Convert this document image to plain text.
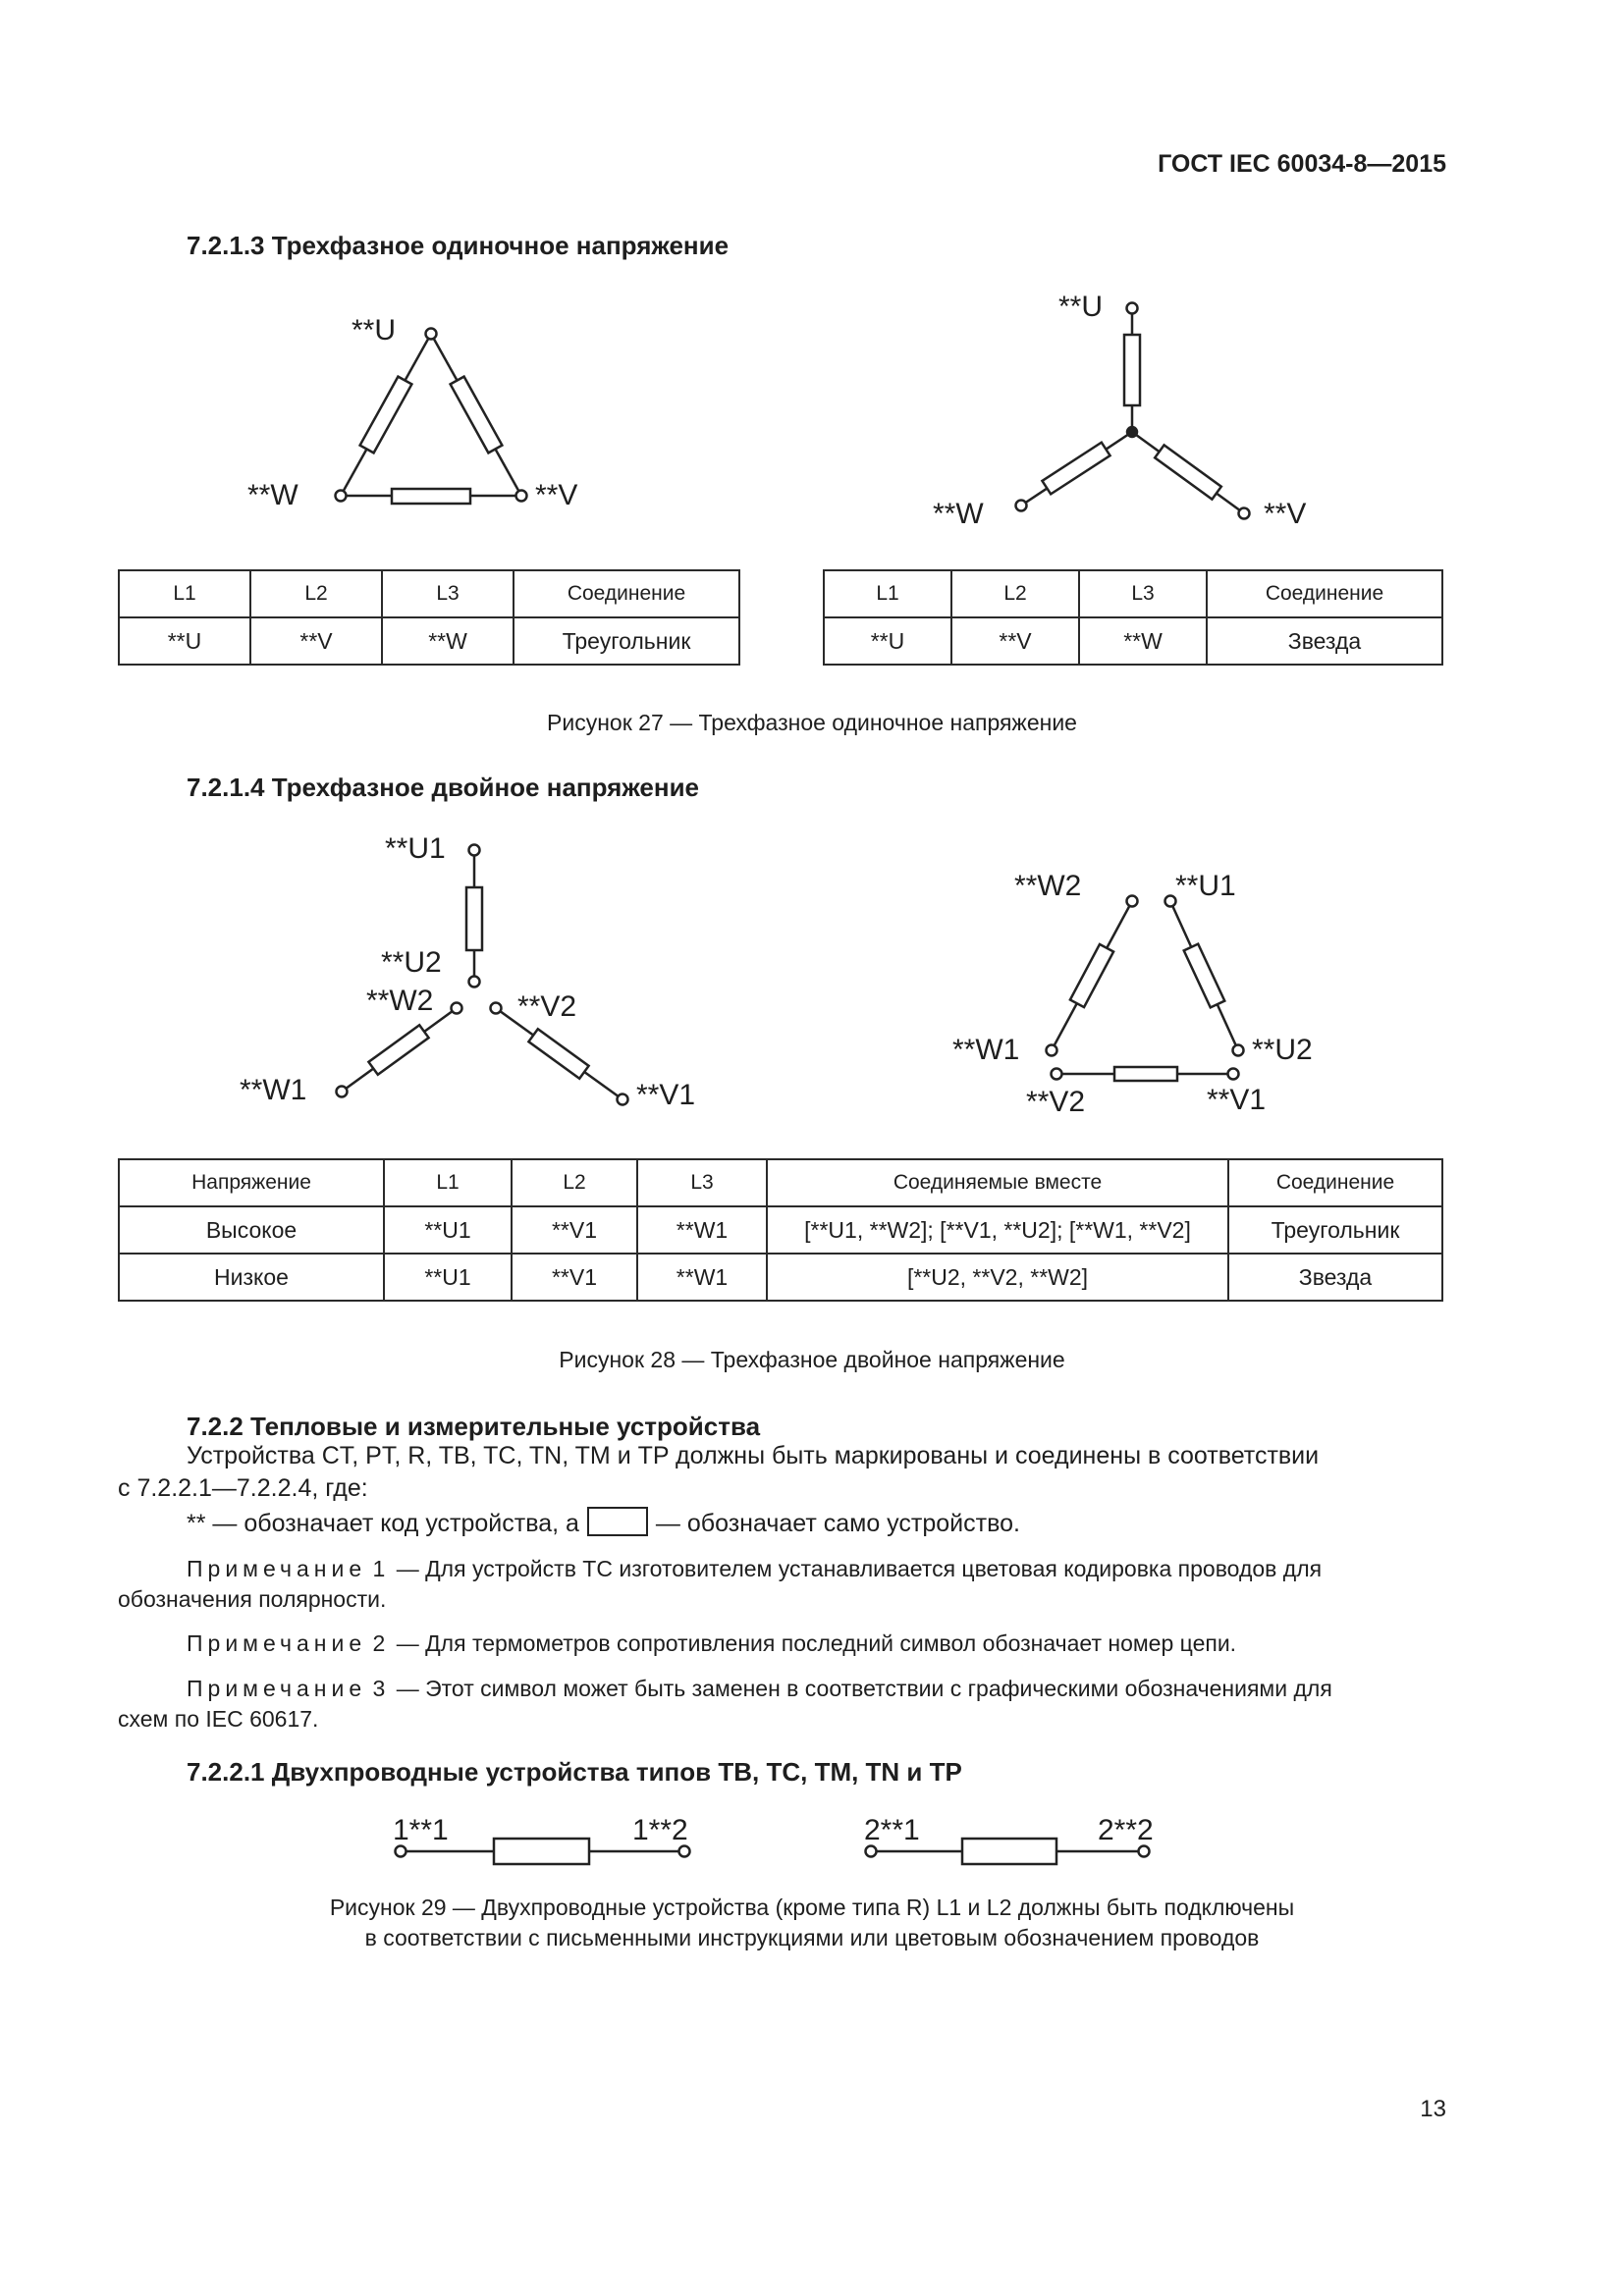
ГОСТ IEC 60034-8—2015
7.2.1.3 Трехфазное одиночное напряжение
**U
**W	**V
**U
**W	**V
**U1
**U2
**W2	**V2
**W1	**V1
**W2	**U1
**W1	**U2
**V2	**V1
1**1	1**2	2**1	2**2
L1	L2	L3	Соединение
**U	**V	**W	Треугольник
L1	L2	L3	Соединение
**U	**V	**W	Звезда
Рисунок 27 — Трехфазное одиночное напряжение
7.2.1.4 Трехфазное двойное напряжение
Напряжение	L1	L2	L3	Соединяемые вместе	Соединение
Высокое	**U1	**V1	**W1	[**U1, **W2]; [**V1, **U2]; [**W1, **V2]	Треугольник
Низкое	**U1	**V1	**W1	[**U2, **V2, **W2]	Звезда
Рисунок 28 — Трехфазное двойное напряжение
7.2.2 Тепловые и измерительные устройства
Устройства CT, PT, R, TB, TC, TN, TM и TP должны быть маркированы и соединены в соответствии
с 7.2.2.1—7.2.2.4, где:
** — обозначает код устройства, а	— обозначает само устройство.
Примечание 1 — Для устройств TC изготовителем устанавливается цветовая кодировка проводов для
обозначения полярности.
Примечание 2 — Для термометров сопротивления последний символ обозначает номер цепи.
Примечание 3 — Этот символ может быть заменен в соответствии с графическими обозначениями для
схем по IEC 60617.
7.2.2.1 Двухпроводные устройства типов TB, TC, TM, TN и TP
Рисунок 29 — Двухпроводные устройства (кроме типа R) L1 и L2 должны быть подключены
в соответствии с письменными инструкциями или цветовым обозначением проводов
13
